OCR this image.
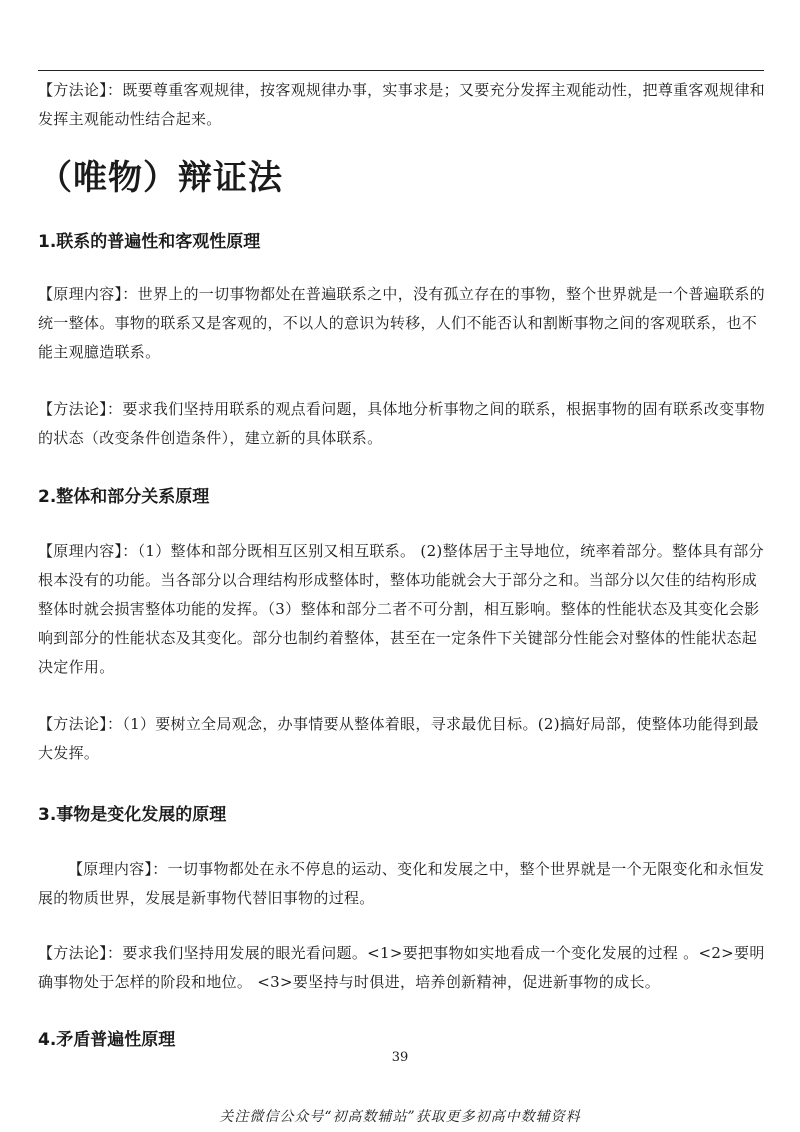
【方法论】：既要尊重客观规律，按客观规律办事，实事求是；又要充分发挥主观能动性，把尊重客观规律和发挥主观能动性结合起来。

（唯物）辩证法
1.联系的普遍性和客观性原理

【原理内容】：世界上的一切事物都处在普遍联系之中，没有孤立存在的事物，整个世界就是一个普遍联系的统一整体。事物的联系又是客观的，不以人的意识为转移，人们不能否认和割断事物之间的客观联系，也不能主观臆造联系。

【方法论】：要求我们坚持用联系的观点看问题，具体地分析事物之间的联系，根据事物的固有联系改变事物的状态（改变条件创造条件），建立新的具体联系。

2.整体和部分关系原理

【原理内容】：（1）整体和部分既相互区别又相互联系。 (2)整体居于主导地位，统率着部分。整体具有部分根本没有的功能。当各部分以合理结构形成整体时，整体功能就会大于部分之和。当部分以欠佳的结构形成整体时就会损害整体功能的发挥。（3）整体和部分二者不可分割，相互影响。整体的性能状态及其变化会影响到部分的性能状态及其变化。部分也制约着整体，甚至在一定条件下关键部分性能会对整体的性能状态起决定作用。

【方法论】：（1）要树立全局观念，办事情要从整体着眼，寻求最优目标。(2)搞好局部，使整体功能得到最大发挥。

3.事物是变化发展的原理

【原理内容】：一切事物都处在永不停息的运动、变化和发展之中，整个世界就是一个无限变化和永恒发展的物质世界，发展是新事物代替旧事物的过程。

【方法论】：要求我们坚持用发展的眼光看问题。<1>要把事物如实地看成一个变化发展的过程 。<2>要明确事物处于怎样的阶段和地位。 <3>要坚持与时俱进，培养创新精神，促进新事物的成长。

4.矛盾普遍性原理
39
关注微信公众号“初高数辅站”获取更多初高中数辅资料
